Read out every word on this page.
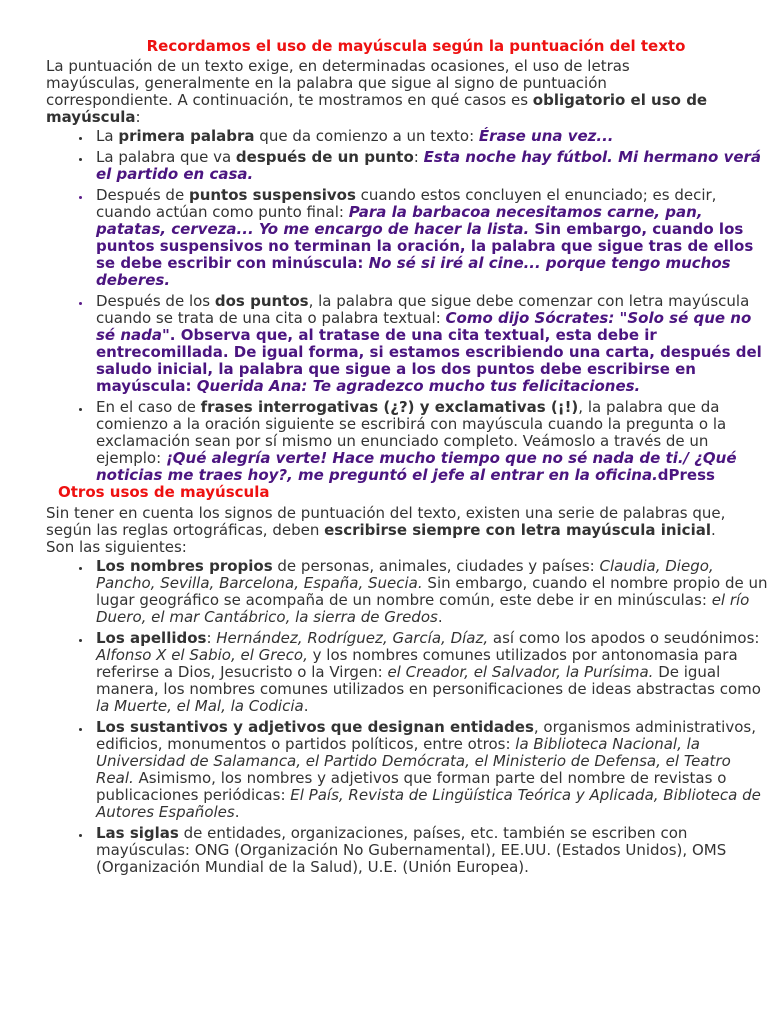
Recordamos el uso de mayúscula según la puntuación del texto

La puntuación de un texto exige, en determinadas ocasiones, el uso de letras mayúsculas, generalmente en la palabra que sigue al signo de puntuación correspondiente. A continuación, te mostramos en qué casos es obligatorio el uso de mayúscula:

• La primera palabra que da comienzo a un texto: Érase una vez...
• La palabra que va después de un punto: Esta noche hay fútbol. Mi hermano verá el partido en casa.
• Después de puntos suspensivos cuando estos concluyen el enunciado; es decir, cuando actúan como punto final: Para la barbacoa necesitamos carne, pan, patatas, cerveza... Yo me encargo de hacer la lista. Sin embargo, cuando los puntos suspensivos no terminan la oración, la palabra que sigue tras de ellos se debe escribir con minúscula: No sé si iré al cine... porque tengo muchos deberes.
• Después de los dos puntos, la palabra que sigue debe comenzar con letra mayúscula cuando se trata de una cita o palabra textual: Como dijo Sócrates: "Solo sé que no sé nada". Observa que, al tratase de una cita textual, esta debe ir entrecomillada. De igual forma, si estamos escribiendo una carta, después del saludo inicial, la palabra que sigue a los dos puntos debe escribirse en mayúscula: Querida Ana: Te agradezco mucho tus felicitaciones.
• En el caso de frases interrogativas (¿?) y exclamativas (¡!), la palabra que da comienzo a la oración siguiente se escribirá con mayúscula cuando la pregunta o la exclamación sean por sí mismo un enunciado completo. Veámoslo a través de un ejemplo: ¡Qué alegría verte! Hace mucho tiempo que no sé nada de ti./ ¿Qué noticias me traes hoy?, me preguntó el jefe al entrar en la oficina.dPress
Otros usos de mayúscula

Sin tener en cuenta los signos de puntuación del texto, existen una serie de palabras que, según las reglas ortográficas, deben escribirse siempre con letra mayúscula inicial. Son las siguientes:

• Los nombres propios de personas, animales, ciudades y países: Claudia, Diego, Pancho, Sevilla, Barcelona, España, Suecia. Sin embargo, cuando el nombre propio de un lugar geográfico se acompaña de un nombre común, este debe ir en minúsculas: el río Duero, el mar Cantábrico, la sierra de Gredos.
• Los apellidos: Hernández, Rodríguez, García, Díaz, así como los apodos o seudónimos: Alfonso X el Sabio, el Greco, y los nombres comunes utilizados por antonomasia para referirse a Dios, Jesucristo o la Virgen: el Creador, el Salvador, la Purísima. De igual manera, los nombres comunes utilizados en personificaciones de ideas abstractas como la Muerte, el Mal, la Codicia.
• Los sustantivos y adjetivos que designan entidades, organismos administrativos, edificios, monumentos o partidos políticos, entre otros: la Biblioteca Nacional, la Universidad de Salamanca, el Partido Demócrata, el Ministerio de Defensa, el Teatro Real. Asimismo, los nombres y adjetivos que forman parte del nombre de revistas o publicaciones periódicas: El País, Revista de Lingüística Teórica y Aplicada, Biblioteca de Autores Españoles.
• Las siglas de entidades, organizaciones, países, etc. también se escriben con mayúsculas: ONG (Organización No Gubernamental), EE.UU. (Estados Unidos), OMS (Organización Mundial de la Salud), U.E. (Unión Europea).
